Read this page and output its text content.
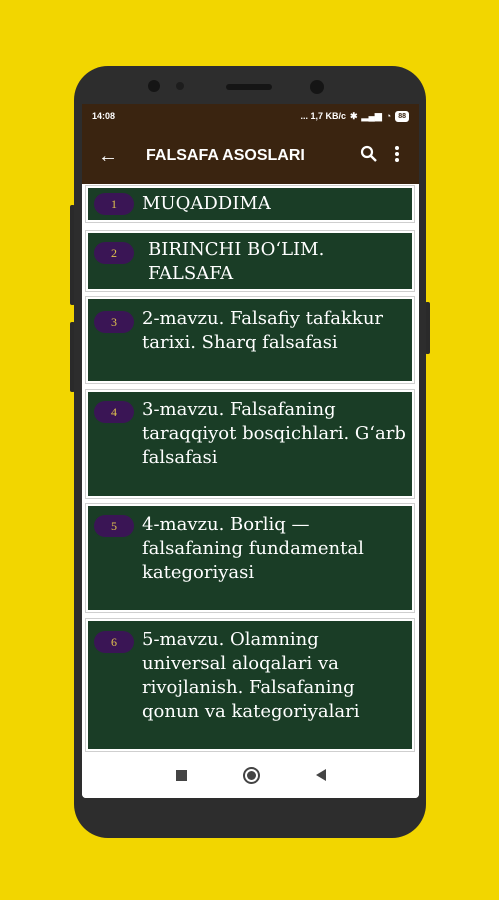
14:08	... 1,7 KB/c ✱ ▂▄▆ ◔	88
←	FALSAFA ASOSLARI
1	MUQADDIMA
2	BIRINCHI BO‘LIM. FALSAFA
3	2-mavzu. Falsafiy tafakkur tarixi. Sharq falsafasi
4	3-mavzu. Falsafaning taraqqiyot bosqichlari. G‘arb falsafasi
5	4-mavzu. Borliq — falsafaning fundamental kategoriyasi
6	5-mavzu. Olamning universal aloqalari va rivojlanish. Falsafaning qonun va kategoriyalari
